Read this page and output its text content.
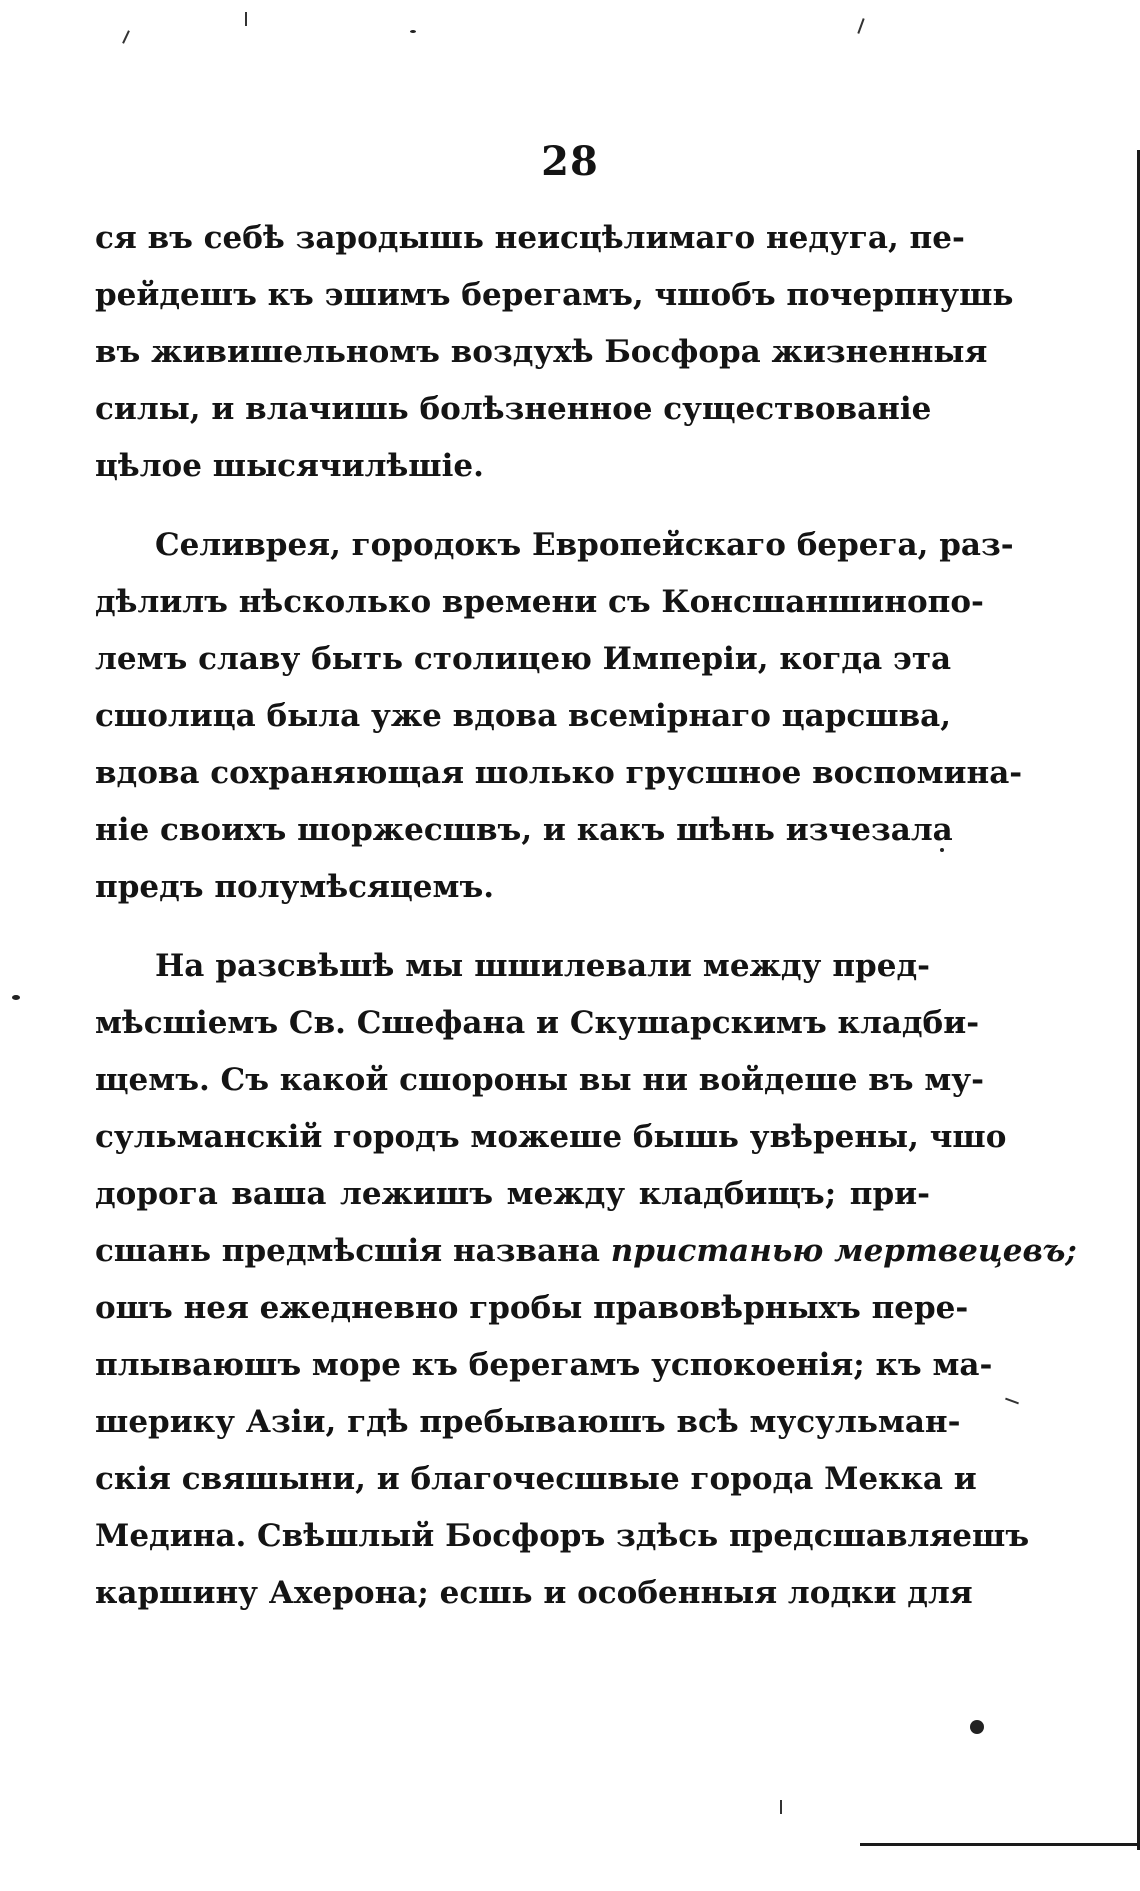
28
ся въ себѣ зародышь неисцѣлимаго недуга, пе-
рейдешъ къ эшимъ берегамъ, чшобъ почерпнушь
въ живишельномъ воздухѣ Босфора жизненныя
силы, и влачишь болѣзненное существованіе
цѣлое шысячилѣшіе.
Селиврея, городокъ Европейскаго берега, раз-
дѣлилъ нѣсколько времени съ Консшаншинопо-
лемъ славу быть столицею Имперіи, когда эта
сшолица была уже вдова всемірнаго царсшва,
вдова сохраняющая шолько грусшное воспомина-
ніе своихъ шоржесшвъ, и какъ шѣнь изчезала
предъ полумѣсяцемъ.
На разсвѣшѣ мы шшилевали между пред-
мѣсшіемъ Св. Сшефана и Скушарскимъ кладби-
щемъ. Съ какой сшороны вы ни войдеше въ му-
сульманскій городъ можеше бышь увѣрены, чшо
дорога ваша лежишъ между кладбищъ; при-
сшань предмѣсшія названа пристанью мертвецевъ;
ошъ нея ежедневно гробы правовѣрныхъ пере-
плываюшъ море къ берегамъ успокоенія; къ ма-
шерику Азіи, гдѣ пребываюшъ всѣ мусульман-
скія свяшыни, и благочесшвые города Мекка и
Медина. Свѣшлый Босфоръ здѣсь предсшавляешъ
каршину Ахерона; есшь и особенныя лодки для
